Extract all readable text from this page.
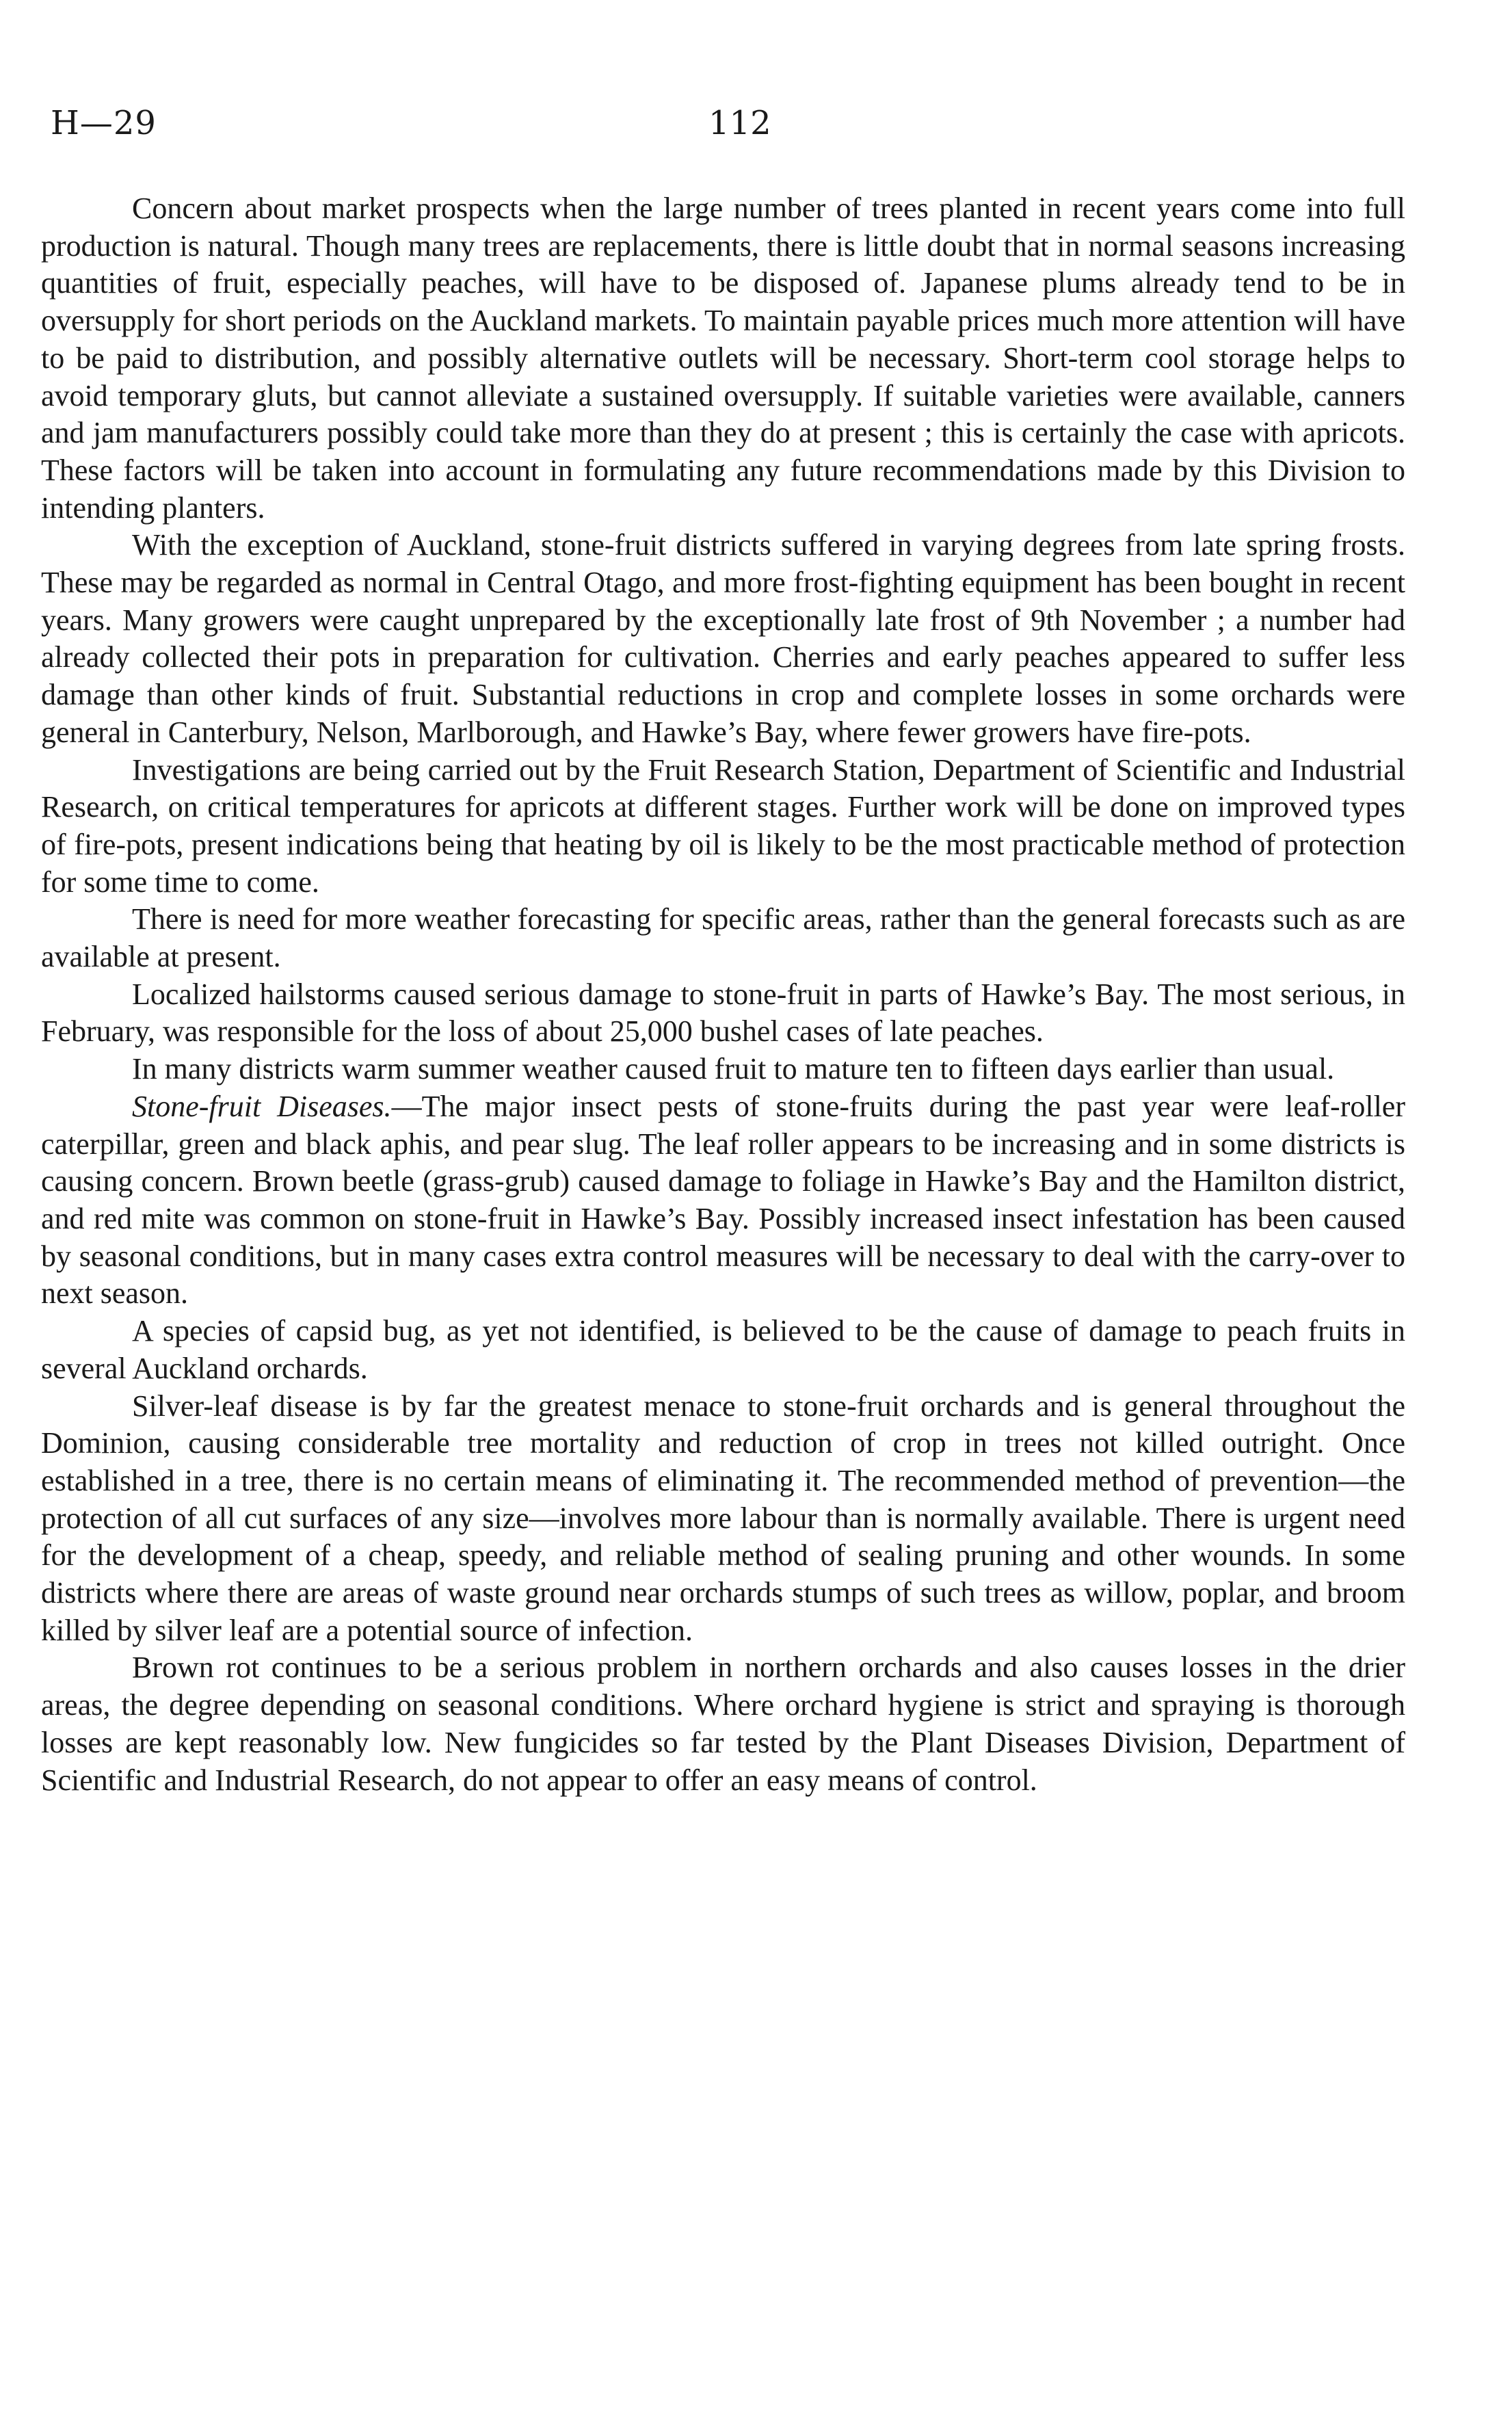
H—29	112

Concern about market prospects when the large number of trees planted in recent years come into full production is natural. Though many trees are replacements, there is little doubt that in normal seasons increasing quantities of fruit, especially peaches, will have to be disposed of. Japanese plums already tend to be in oversupply for short periods on the Auckland markets. To maintain payable prices much more attention will have to be paid to distribution, and possibly alternative outlets will be necessary. Short-term cool storage helps to avoid temporary gluts, but cannot alleviate a sustained oversupply. If suitable varieties were available, canners and jam manufacturers possibly could take more than they do at present ; this is certainly the case with apricots. These factors will be taken into account in formulating any future recommendations made by this Division to intending planters.

With the exception of Auckland, stone-fruit districts suffered in varying degrees from late spring frosts. These may be regarded as normal in Central Otago, and more frost-fighting equipment has been bought in recent years. Many growers were caught unprepared by the exceptionally late frost of 9th November ; a number had already collected their pots in preparation for cultivation. Cherries and early peaches appeared to suffer less damage than other kinds of fruit. Substantial reductions in crop and complete losses in some orchards were general in Canterbury, Nelson, Marlborough, and Hawke’s Bay, where fewer growers have fire-pots.

Investigations are being carried out by the Fruit Research Station, Department of Scientific and Industrial Research, on critical temperatures for apricots at different stages. Further work will be done on improved types of fire-pots, present indications being that heating by oil is likely to be the most practicable method of protection for some time to come.

There is need for more weather forecasting for specific areas, rather than the general forecasts such as are available at present.

Localized hailstorms caused serious damage to stone-fruit in parts of Hawke’s Bay. The most serious, in February, was responsible for the loss of about 25,000 bushel cases of late peaches.

In many districts warm summer weather caused fruit to mature ten to fifteen days earlier than usual.

Stone-fruit Diseases.—The major insect pests of stone-fruits during the past year were leaf-roller caterpillar, green and black aphis, and pear slug. The leaf roller appears to be increasing and in some districts is causing concern. Brown beetle (grass-grub) caused damage to foliage in Hawke’s Bay and the Hamilton district, and red mite was common on stone-fruit in Hawke’s Bay. Possibly increased insect infestation has been caused by seasonal conditions, but in many cases extra control measures will be necessary to deal with the carry-over to next season.

A species of capsid bug, as yet not identified, is believed to be the cause of damage to peach fruits in several Auckland orchards.

Silver-leaf disease is by far the greatest menace to stone-fruit orchards and is general throughout the Dominion, causing considerable tree mortality and reduction of crop in trees not killed outright. Once established in a tree, there is no certain means of eliminating it. The recommended method of prevention—the protection of all cut surfaces of any size—involves more labour than is normally available. There is urgent need for the development of a cheap, speedy, and reliable method of sealing pruning and other wounds. In some districts where there are areas of waste ground near orchards stumps of such trees as willow, poplar, and broom killed by silver leaf are a potential source of infection.

Brown rot continues to be a serious problem in northern orchards and also causes losses in the drier areas, the degree depending on seasonal conditions. Where orchard hygiene is strict and spraying is thorough losses are kept reasonably low. New fungicides so far tested by the Plant Diseases Division, Department of Scientific and Industrial Research, do not appear to offer an easy means of control.
